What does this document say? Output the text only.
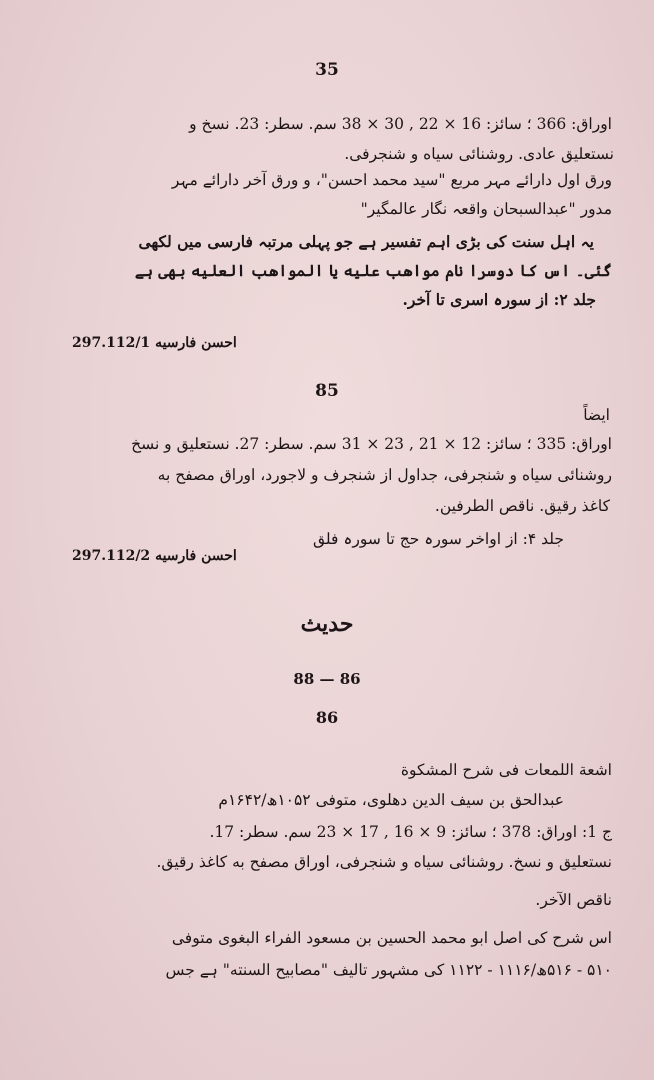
35
اوراق: 366 ؛ سائز: 16 × 22 , 30 × 38 سم. سطر: 23. نسخ و
نستعلیق عادی. روشنائی سیاه و شنجرفی.
ورق اول دارائے مہر مربع "سید محمد احسن"، و ورق آخر دارائے مہر
مدور "عبدالسبحان واقعہ نگار عالمگیر"
یہ اہل سنت کی بڑی اہم تفسیر ہے جو پہلی مرتبہ فارسی میں لکھی
گئی۔ اس کا دوسرا نام مواهب علیه یا المواهب العلیه بھی ہے
جلد ۲: از سورہ اسری تا آخر.
297.112/1 احسن فارسیه
85
ایضاً
اوراق: 335 ؛ سائز: 12 × 21 , 23 × 31 سم. سطر: 27. نستعلیق و نسخ
روشنائی سیاه و شنجرفی، جداول از شنجرف و لاجورد، اوراق مصفح به
کاغذ رقیق. ناقص الطرفین.
جلد ۴: از اواخر سورہ حج تا سورہ فلق
297.112/2 احسن فارسیه
حدیث
88 — 86
86
اشعة اللمعات فی شرح المشکوة
عبدالحق بن سیف الدین دهلوی، متوفی ۱۰۵۲ھ/۱۶۴۲م
ج 1: اوراق: 378 ؛ سائز: 9 × 16 , 17 × 23 سم. سطر: 17.
نستعلیق و نسخ. روشنائی سیاه و شنجرفی، اوراق مصفح به کاغذ رقیق.
ناقص الآخر.
اس شرح کی اصل ابو محمد الحسین بن مسعود الفراء البغوی متوفی
۵۱۰ - ۵۱۶ھ/۱۱۱۶ - ۱۱۲۲ کی مشہور تالیف "مصابیح السنته" ہے جس
